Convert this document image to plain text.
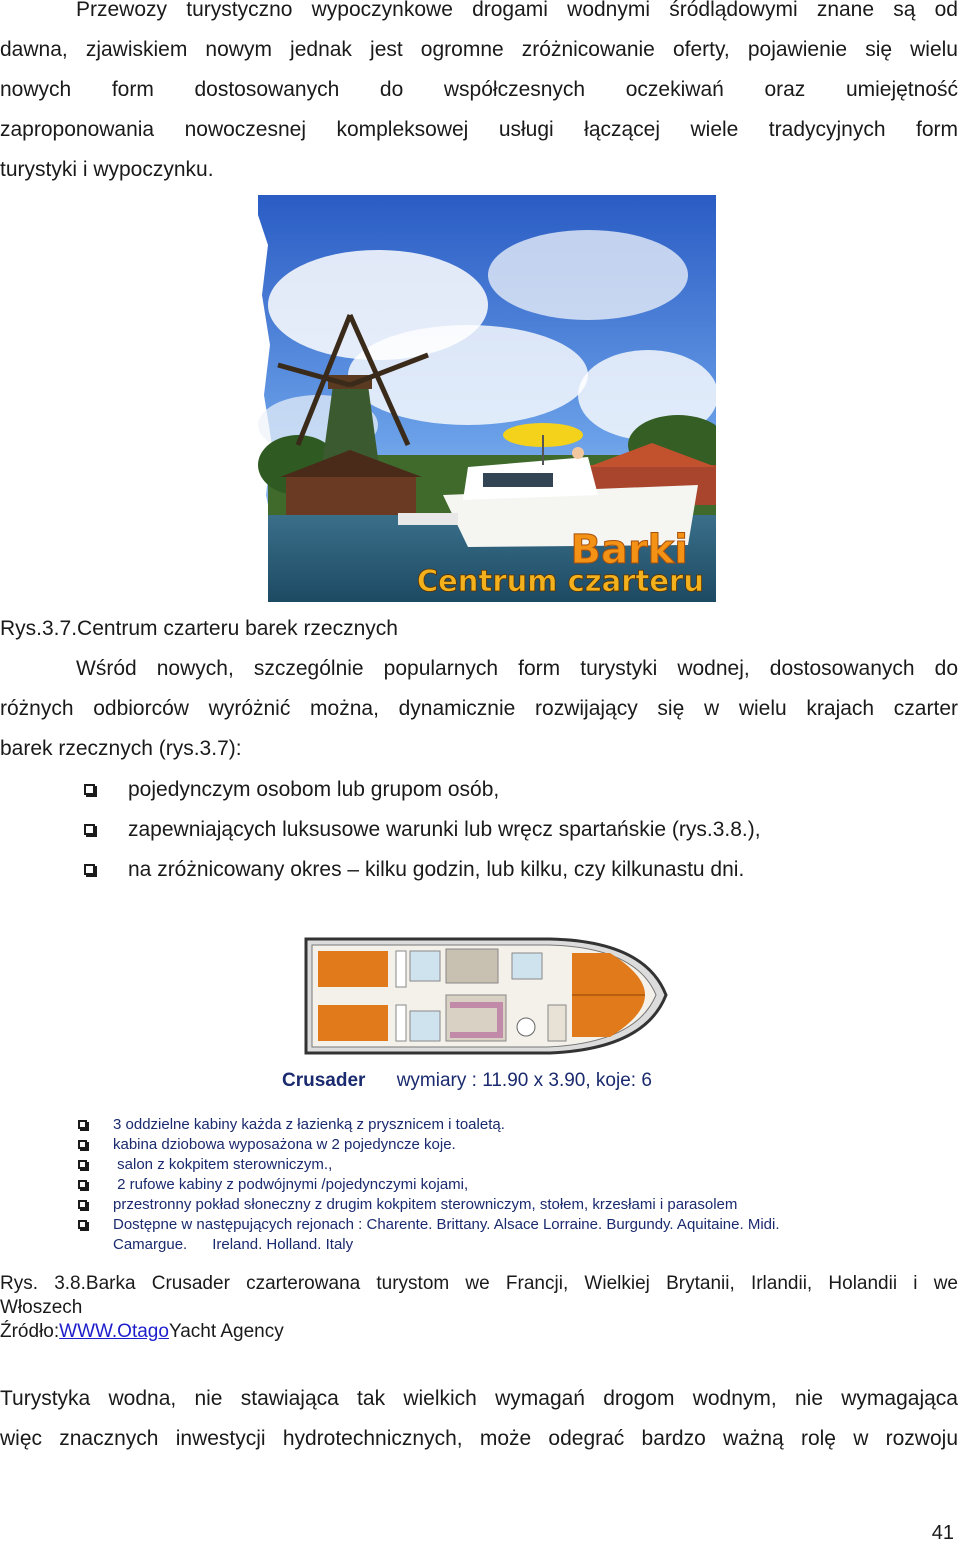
Przewozy turystyczno wypoczynkowe drogami wodnymi śródlądowymi znane są od
dawna, zjawiskiem nowym jednak jest ogromne zróżnicowanie oferty, pojawienie się wielu
nowych form dostosowanych do współczesnych oczekiwań oraz umiejętność
zaproponowania nowoczesnej kompleksowej usługi łączącej wiele tradycyjnych form
turystyki i wypoczynku.
Barki
Centrum czarteru
Rys.3.7.Centrum czarteru barek rzecznych
Wśród nowych, szczególnie popularnych form turystyki wodnej, dostosowanych do
różnych odbiorców wyróżnić można, dynamicznie rozwijający się w wielu krajach czarter
barek rzecznych (rys.3.7):
pojedynczym osobom lub grupom osób,
zapewniających luksusowe warunki lub wręcz spartańskie (rys.3.8.),
na zróżnicowany okres – kilku godzin, lub kilku, czy kilkunastu dni.
Crusader wymiary : 11.90 x 3.90, koje: 6
3 oddzielne kabiny każda z łazienką z prysznicem i toaletą.
kabina dziobowa wyposażona w 2 pojedyncze koje.
salon z kokpitem sterowniczym.,
2 rufowe kabiny z podwójnymi /pojedynczymi kojami,
przestronny pokład słoneczny z drugim kokpitem sterowniczym, stołem, krzesłami i parasolem
Dostępne w następujących rejonach : Charente. Brittany. Alsace Lorraine. Burgundy. Aquitaine. Midi.
Camargue.      Ireland. Holland. Italy
Rys. 3.8.Barka Crusader czarterowana turystom we Francji, Wielkiej Brytanii, Irlandii, Holandii i we
Włoszech
Źródło:WWW.OtagoYacht Agency
Turystyka wodna, nie stawiająca tak wielkich wymagań drogom wodnym, nie wymagająca
więc znacznych inwestycji hydrotechnicznych, może odegrać bardzo ważną rolę w rozwoju
41
